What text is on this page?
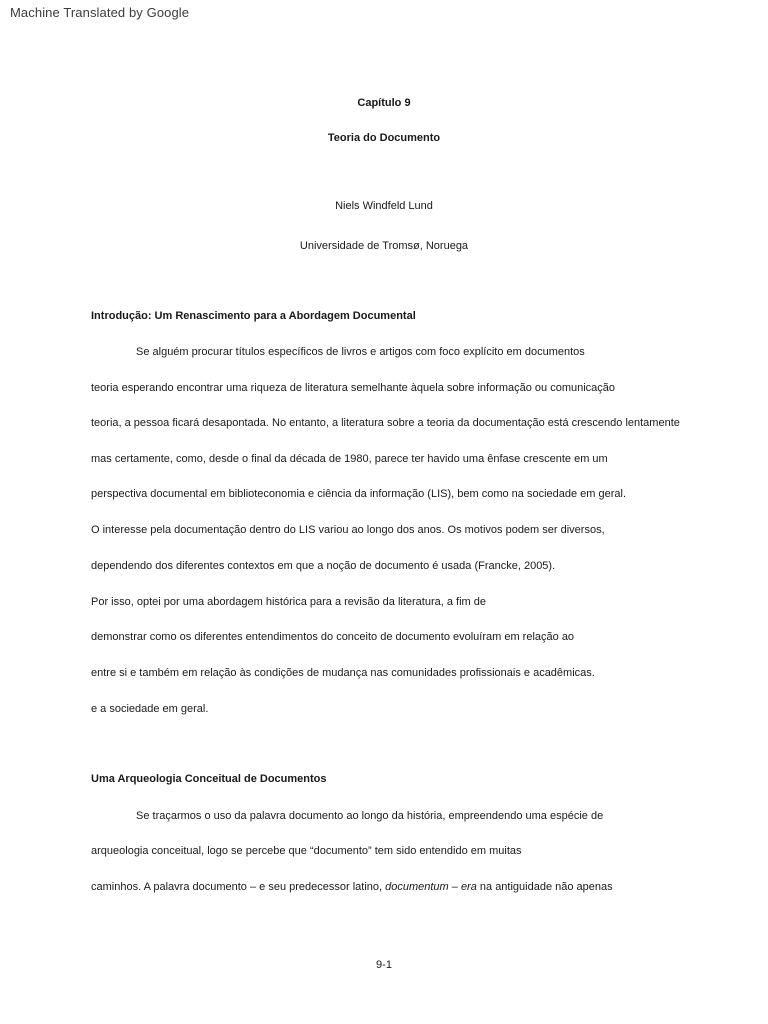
Machine Translated by Google
Capítulo 9
Teoria do Documento
Niels Windfeld Lund
Universidade de Tromsø, Noruega
Introdução: Um Renascimento para a Abordagem Documental
Se alguém procurar títulos específicos de livros e artigos com foco explícito em documentos
teoria esperando encontrar uma riqueza de literatura semelhante àquela sobre informação ou comunicação
teoria, a pessoa ficará desapontada. No entanto, a literatura sobre a teoria da documentação está crescendo lentamente
mas certamente, como, desde o final da década de 1980, parece ter havido uma ênfase crescente em um
perspectiva documental em biblioteconomia e ciência da informação (LIS), bem como na sociedade em geral.
O interesse pela documentação dentro do LIS variou ao longo dos anos. Os motivos podem ser diversos,
dependendo dos diferentes contextos em que a noção de documento é usada (Francke, 2005).
Por isso, optei por uma abordagem histórica para a revisão da literatura, a fim de
demonstrar como os diferentes entendimentos do conceito de documento evoluíram em relação ao
entre si e também em relação às condições de mudança nas comunidades profissionais e acadêmicas.
e a sociedade em geral.
Uma Arqueologia Conceitual de Documentos
Se traçarmos o uso da palavra documento ao longo da história, empreendendo uma espécie de
arqueologia conceitual, logo se percebe que “documento” tem sido entendido em muitas
caminhos. A palavra documento – e seu predecessor latino, documentum – era na antiguidade não apenas
9-1
